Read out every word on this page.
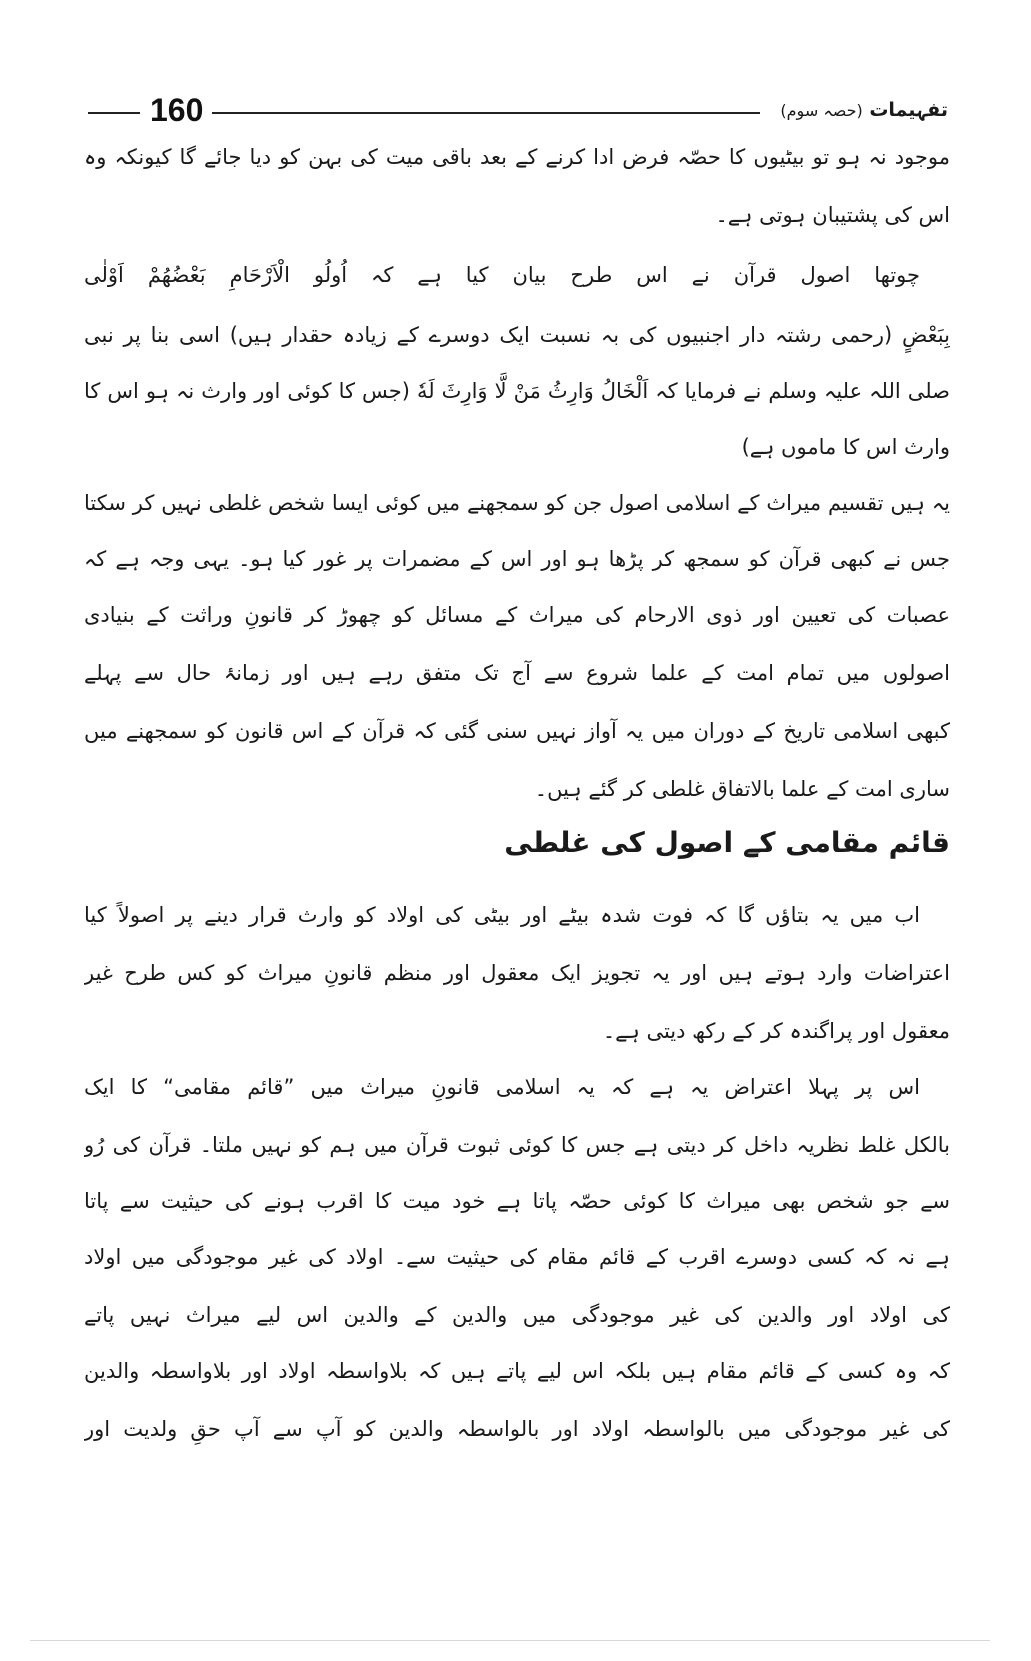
160	تفہیمات (حصہ سوم)
موجود نہ ہو تو بیٹیوں کا حصّہ فرض ادا کرنے کے بعد باقی میت کی بہن کو دیا جائے گا کیونکہ وہ
اس کی پشتیبان ہوتی ہے۔
چوتھا اصول قرآن نے اس طرح بیان کیا ہے کہ اُولُو الْاَرْحَامِ بَعْضُهُمْ اَوْلٰى
بِبَعْضٍ (رحمی رشتہ دار اجنبیوں کی بہ نسبت ایک دوسرے کے زیادہ حقدار ہیں) اسی بنا پر نبی
صلی اللہ علیہ وسلم نے فرمایا کہ اَلْخَالُ وَارِثُ مَنْ لَّا وَارِثَ لَهٗ (جس کا کوئی اور وارث نہ ہو اس کا
وارث اس کا ماموں ہے)
یہ ہیں تقسیم میراث کے اسلامی اصول جن کو سمجھنے میں کوئی ایسا شخص غلطی نہیں کر سکتا
جس نے کبھی قرآن کو سمجھ کر پڑھا ہو اور اس کے مضمرات پر غور کیا ہو۔ یہی وجہ ہے کہ
عصبات کی تعیین اور ذوی الارحام کی میراث کے مسائل کو چھوڑ کر قانونِ وراثت کے بنیادی
اصولوں میں تمام امت کے علما شروع سے آج تک متفق رہے ہیں اور زمانۂ حال سے پہلے
کبھی اسلامی تاریخ کے دوران میں یہ آواز نہیں سنی گئی کہ قرآن کے اس قانون کو سمجھنے میں
ساری امت کے علما بالاتفاق غلطی کر گئے ہیں۔
قائم مقامی کے اصول کی غلطی
اب میں یہ بتاؤں گا کہ فوت شدہ بیٹے اور بیٹی کی اولاد کو وارث قرار دینے پر اصولاً کیا
اعتراضات وارد ہوتے ہیں اور یہ تجویز ایک معقول اور منظم قانونِ میراث کو کس طرح غیر
معقول اور پراگندہ کر کے رکھ دیتی ہے۔
اس پر پہلا اعتراض یہ ہے کہ یہ اسلامی قانونِ میراث میں ”قائم مقامی“ کا ایک
بالکل غلط نظریہ داخل کر دیتی ہے جس کا کوئی ثبوت قرآن میں ہم کو نہیں ملتا۔ قرآن کی رُو
سے جو شخص بھی میراث کا کوئی حصّہ پاتا ہے خود میت کا اقرب ہونے کی حیثیت سے پاتا
ہے نہ کہ کسی دوسرے اقرب کے قائم مقام کی حیثیت سے۔ اولاد کی غیر موجودگی میں اولاد
کی اولاد اور والدین کی غیر موجودگی میں والدین کے والدین اس لیے میراث نہیں پاتے
کہ وہ کسی کے قائم مقام ہیں بلکہ اس لیے پاتے ہیں کہ بلاواسطہ اولاد اور بلاواسطہ والدین
کی غیر موجودگی میں بالواسطہ اولاد اور بالواسطہ والدین کو آپ سے آپ حقِ ولدیت اور
